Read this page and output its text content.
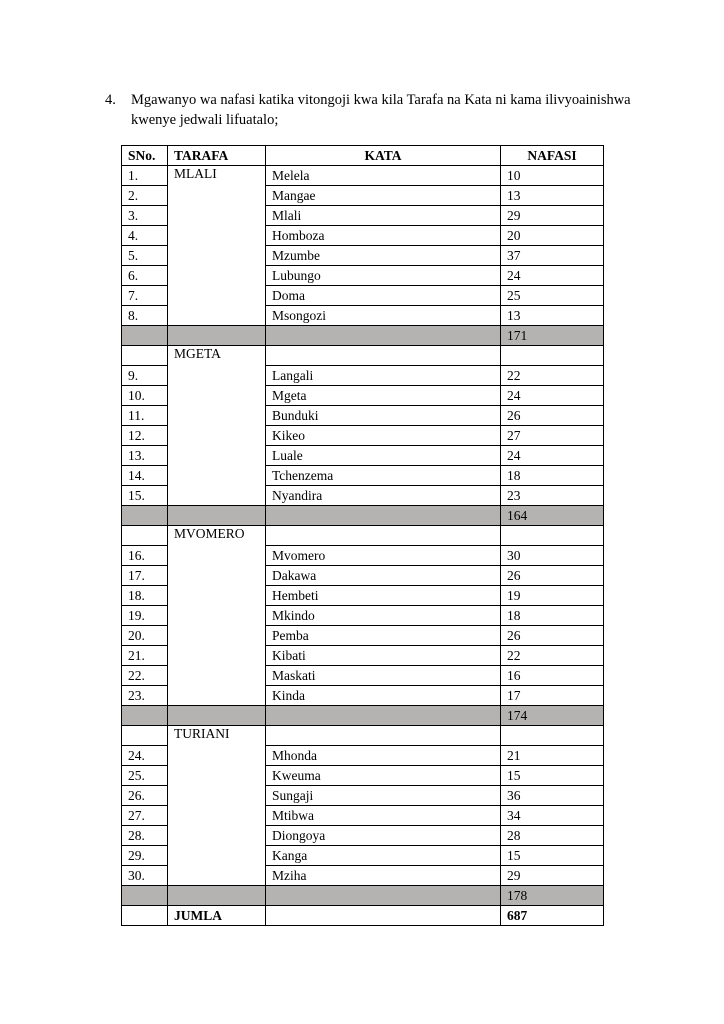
4. Mgawanyo wa nafasi katika vitongoji kwa kila Tarafa na Kata ni kama ilivyoainishwa kwenye jedwali lifuatalo;
SNo.	TARAFA	KATA	NAFASI
1.	MLALI	Melela	10
2.		Mangae	13
3.		Mlali	29
4.		Homboza	20
5.		Mzumbe	37
6.		Lubungo	24
7.		Doma	25
8.		Msongozi	13
			171
	MGETA		
9.		Langali	22
10.		Mgeta	24
11.		Bunduki	26
12.		Kikeo	27
13.		Luale	24
14.		Tchenzema	18
15.		Nyandira	23
			164
	MVOMERO		
16.		Mvomero	30
17.		Dakawa	26
18.		Hembeti	19
19.		Mkindo	18
20.		Pemba	26
21.		Kibati	22
22.		Maskati	16
23.		Kinda	17
			174
	TURIANI		
24.		Mhonda	21
25.		Kweuma	15
26.		Sungaji	36
27.		Mtibwa	34
28.		Diongoya	28
29.		Kanga	15
30.		Mziha	29
			178
	JUMLA		687
